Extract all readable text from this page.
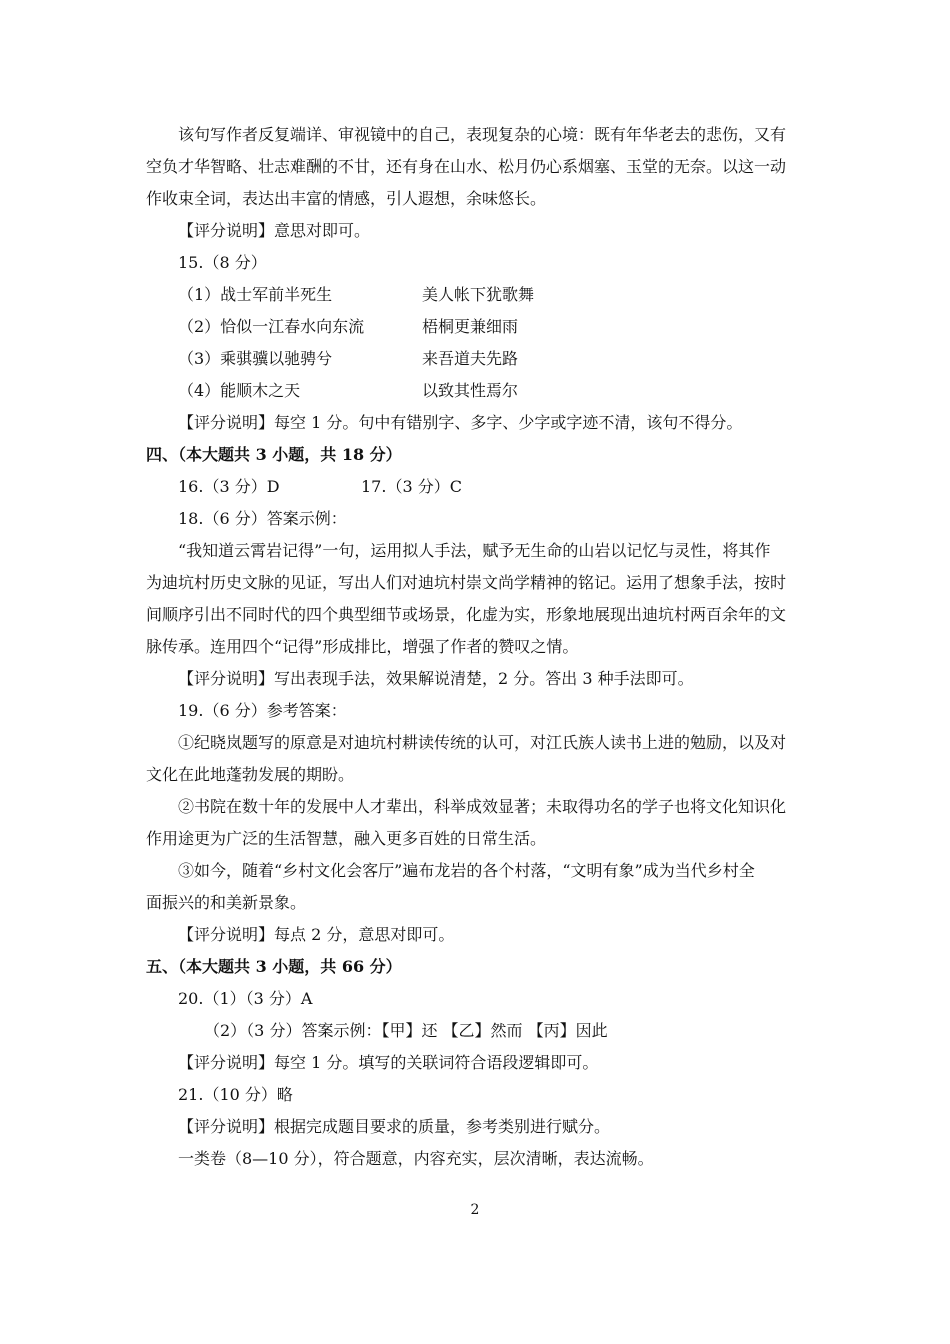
该句写作者反复端详、审视镜中的自己，表现复杂的心境：既有年华老去的悲伤，又有
空负才华智略、壮志难酬的不甘，还有身在山水、松月仍心系烟塞、玉堂的无奈。以这一动
作收束全词，表达出丰富的情感，引人遐想，余味悠长。
【评分说明】意思对即可。
15.（8 分）
（1）战士军前半死生	美人帐下犹歌舞
（2）恰似一江春水向东流	梧桐更兼细雨
（3）乘骐骥以驰骋兮	来吾道夫先路
（4）能顺木之天	以致其性焉尔
【评分说明】每空 1 分。句中有错别字、多字、少字或字迹不清，该句不得分。
四、（本大题共 3 小题，共 18 分）
16.（3 分）D	17.（3 分）C
18.（6 分）答案示例：
“我知道云霄岩记得”一句，运用拟人手法，赋予无生命的山岩以记忆与灵性，将其作
为迪坑村历史文脉的见证，写出人们对迪坑村崇文尚学精神的铭记。运用了想象手法，按时
间顺序引出不同时代的四个典型细节或场景，化虚为实，形象地展现出迪坑村两百余年的文
脉传承。连用四个“记得”形成排比，增强了作者的赞叹之情。
【评分说明】写出表现手法，效果解说清楚，2 分。答出 3 种手法即可。
19.（6 分）参考答案：
①纪晓岚题写的原意是对迪坑村耕读传统的认可，对江氏族人读书上进的勉励，以及对
文化在此地蓬勃发展的期盼。
②书院在数十年的发展中人才辈出，科举成效显著；未取得功名的学子也将文化知识化
作用途更为广泛的生活智慧，融入更多百姓的日常生活。
③如今，随着“乡村文化会客厅”遍布龙岩的各个村落，“文明有象”成为当代乡村全
面振兴的和美新景象。
【评分说明】每点 2 分，意思对即可。
五、（本大题共 3 小题，共 66 分）
20.（1）（3 分）A
（2）（3 分）答案示例：【甲】还 【乙】然而 【丙】因此
【评分说明】每空 1 分。填写的关联词符合语段逻辑即可。
21.（10 分）略
【评分说明】根据完成题目要求的质量，参考类别进行赋分。
一类卷（8—10 分），符合题意，内容充实，层次清晰，表达流畅。
2
